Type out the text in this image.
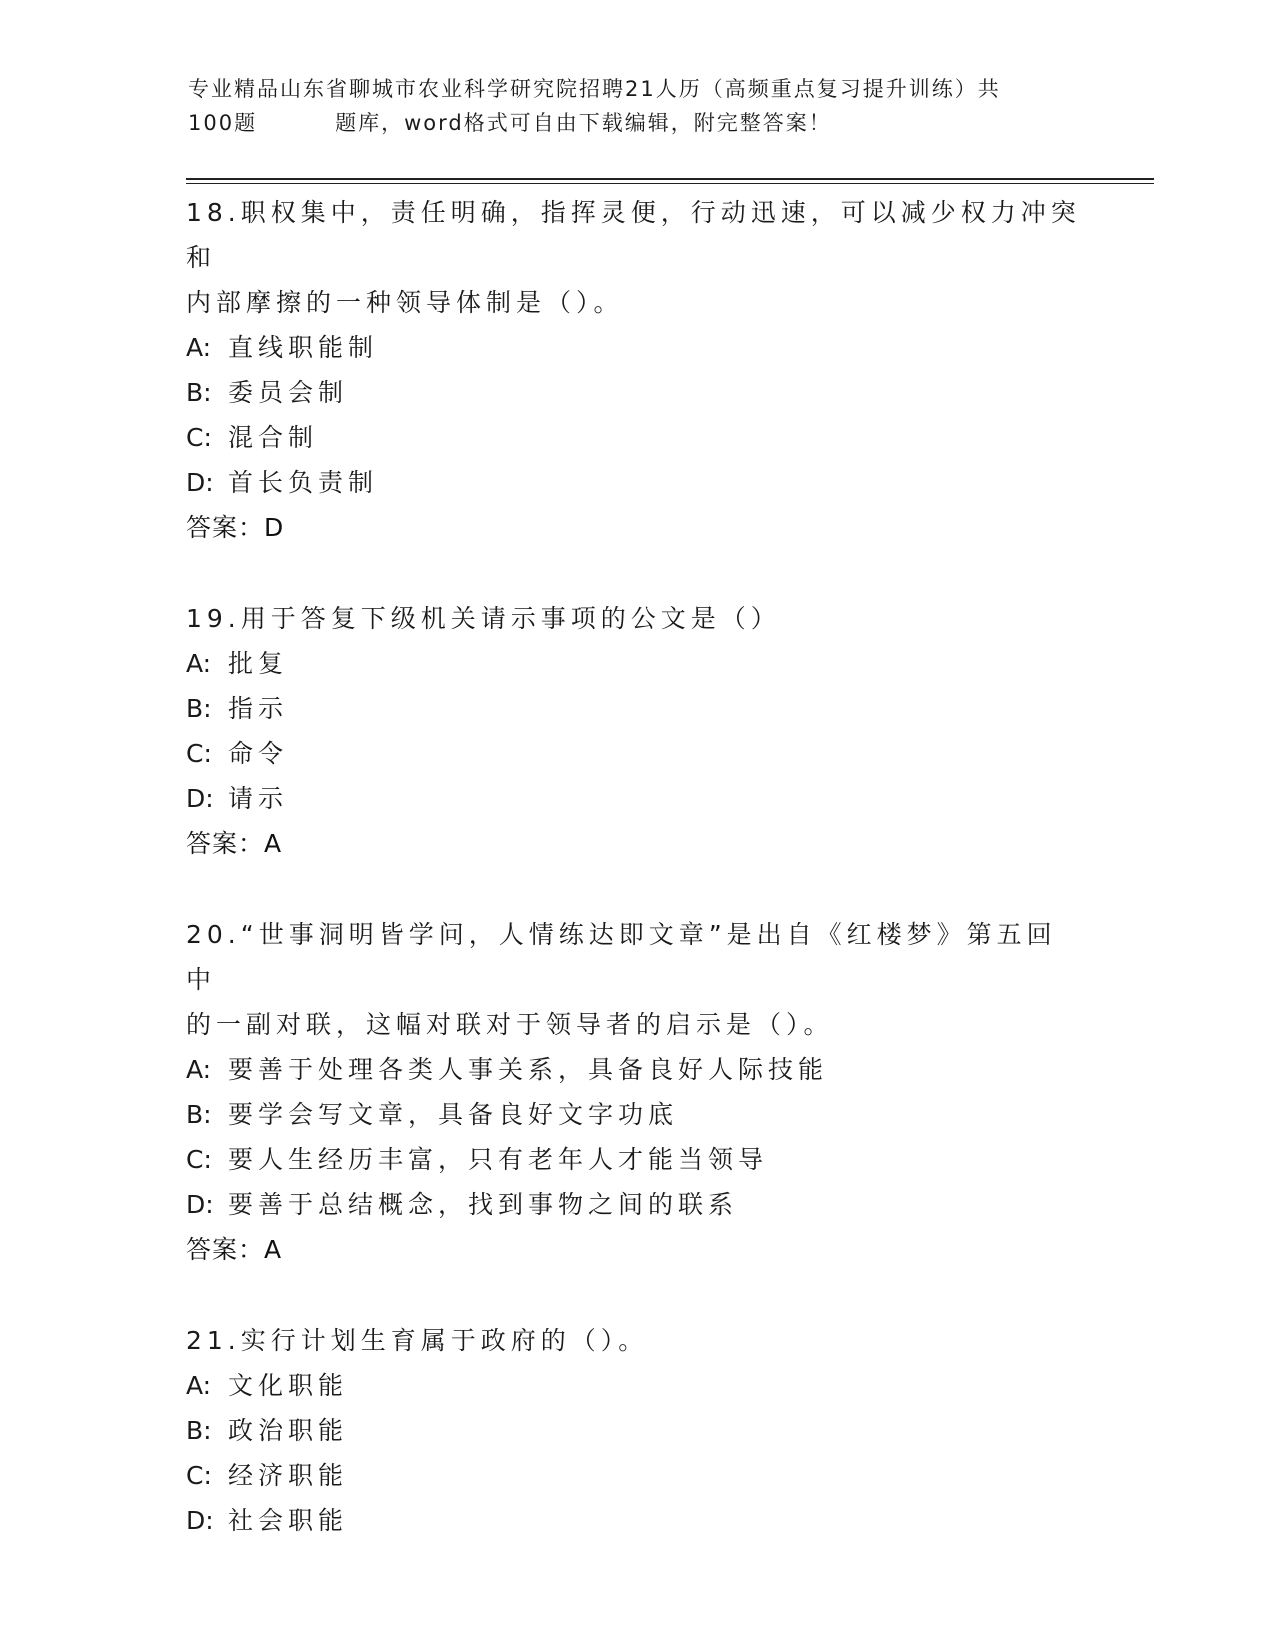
专业精品山东省聊城市农业科学研究院招聘21人历（高频重点复习提升训练）共
100题	题库，word格式可自由下载编辑，附完整答案！

18.职权集中，责任明确，指挥灵便，行动迅速，可以减少权力冲突和
内部摩擦的一种领导体制是（）。

A: 直线职能制

B: 委员会制

C: 混合制

D: 首长负责制

答案：D

19.用于答复下级机关请示事项的公文是（）

A: 批复

B: 指示

C: 命令

D: 请示

答案：A

20.“世事洞明皆学问，人情练达即文章”是出自《红楼梦》第五回中
的一副对联，这幅对联对于领导者的启示是（）。

A: 要善于处理各类人事关系，具备良好人际技能

B: 要学会写文章，具备良好文字功底

C: 要人生经历丰富，只有老年人才能当领导

D: 要善于总结概念，找到事物之间的联系

答案：A

21.实行计划生育属于政府的（）。

A: 文化职能

B: 政治职能

C: 经济职能

D: 社会职能
